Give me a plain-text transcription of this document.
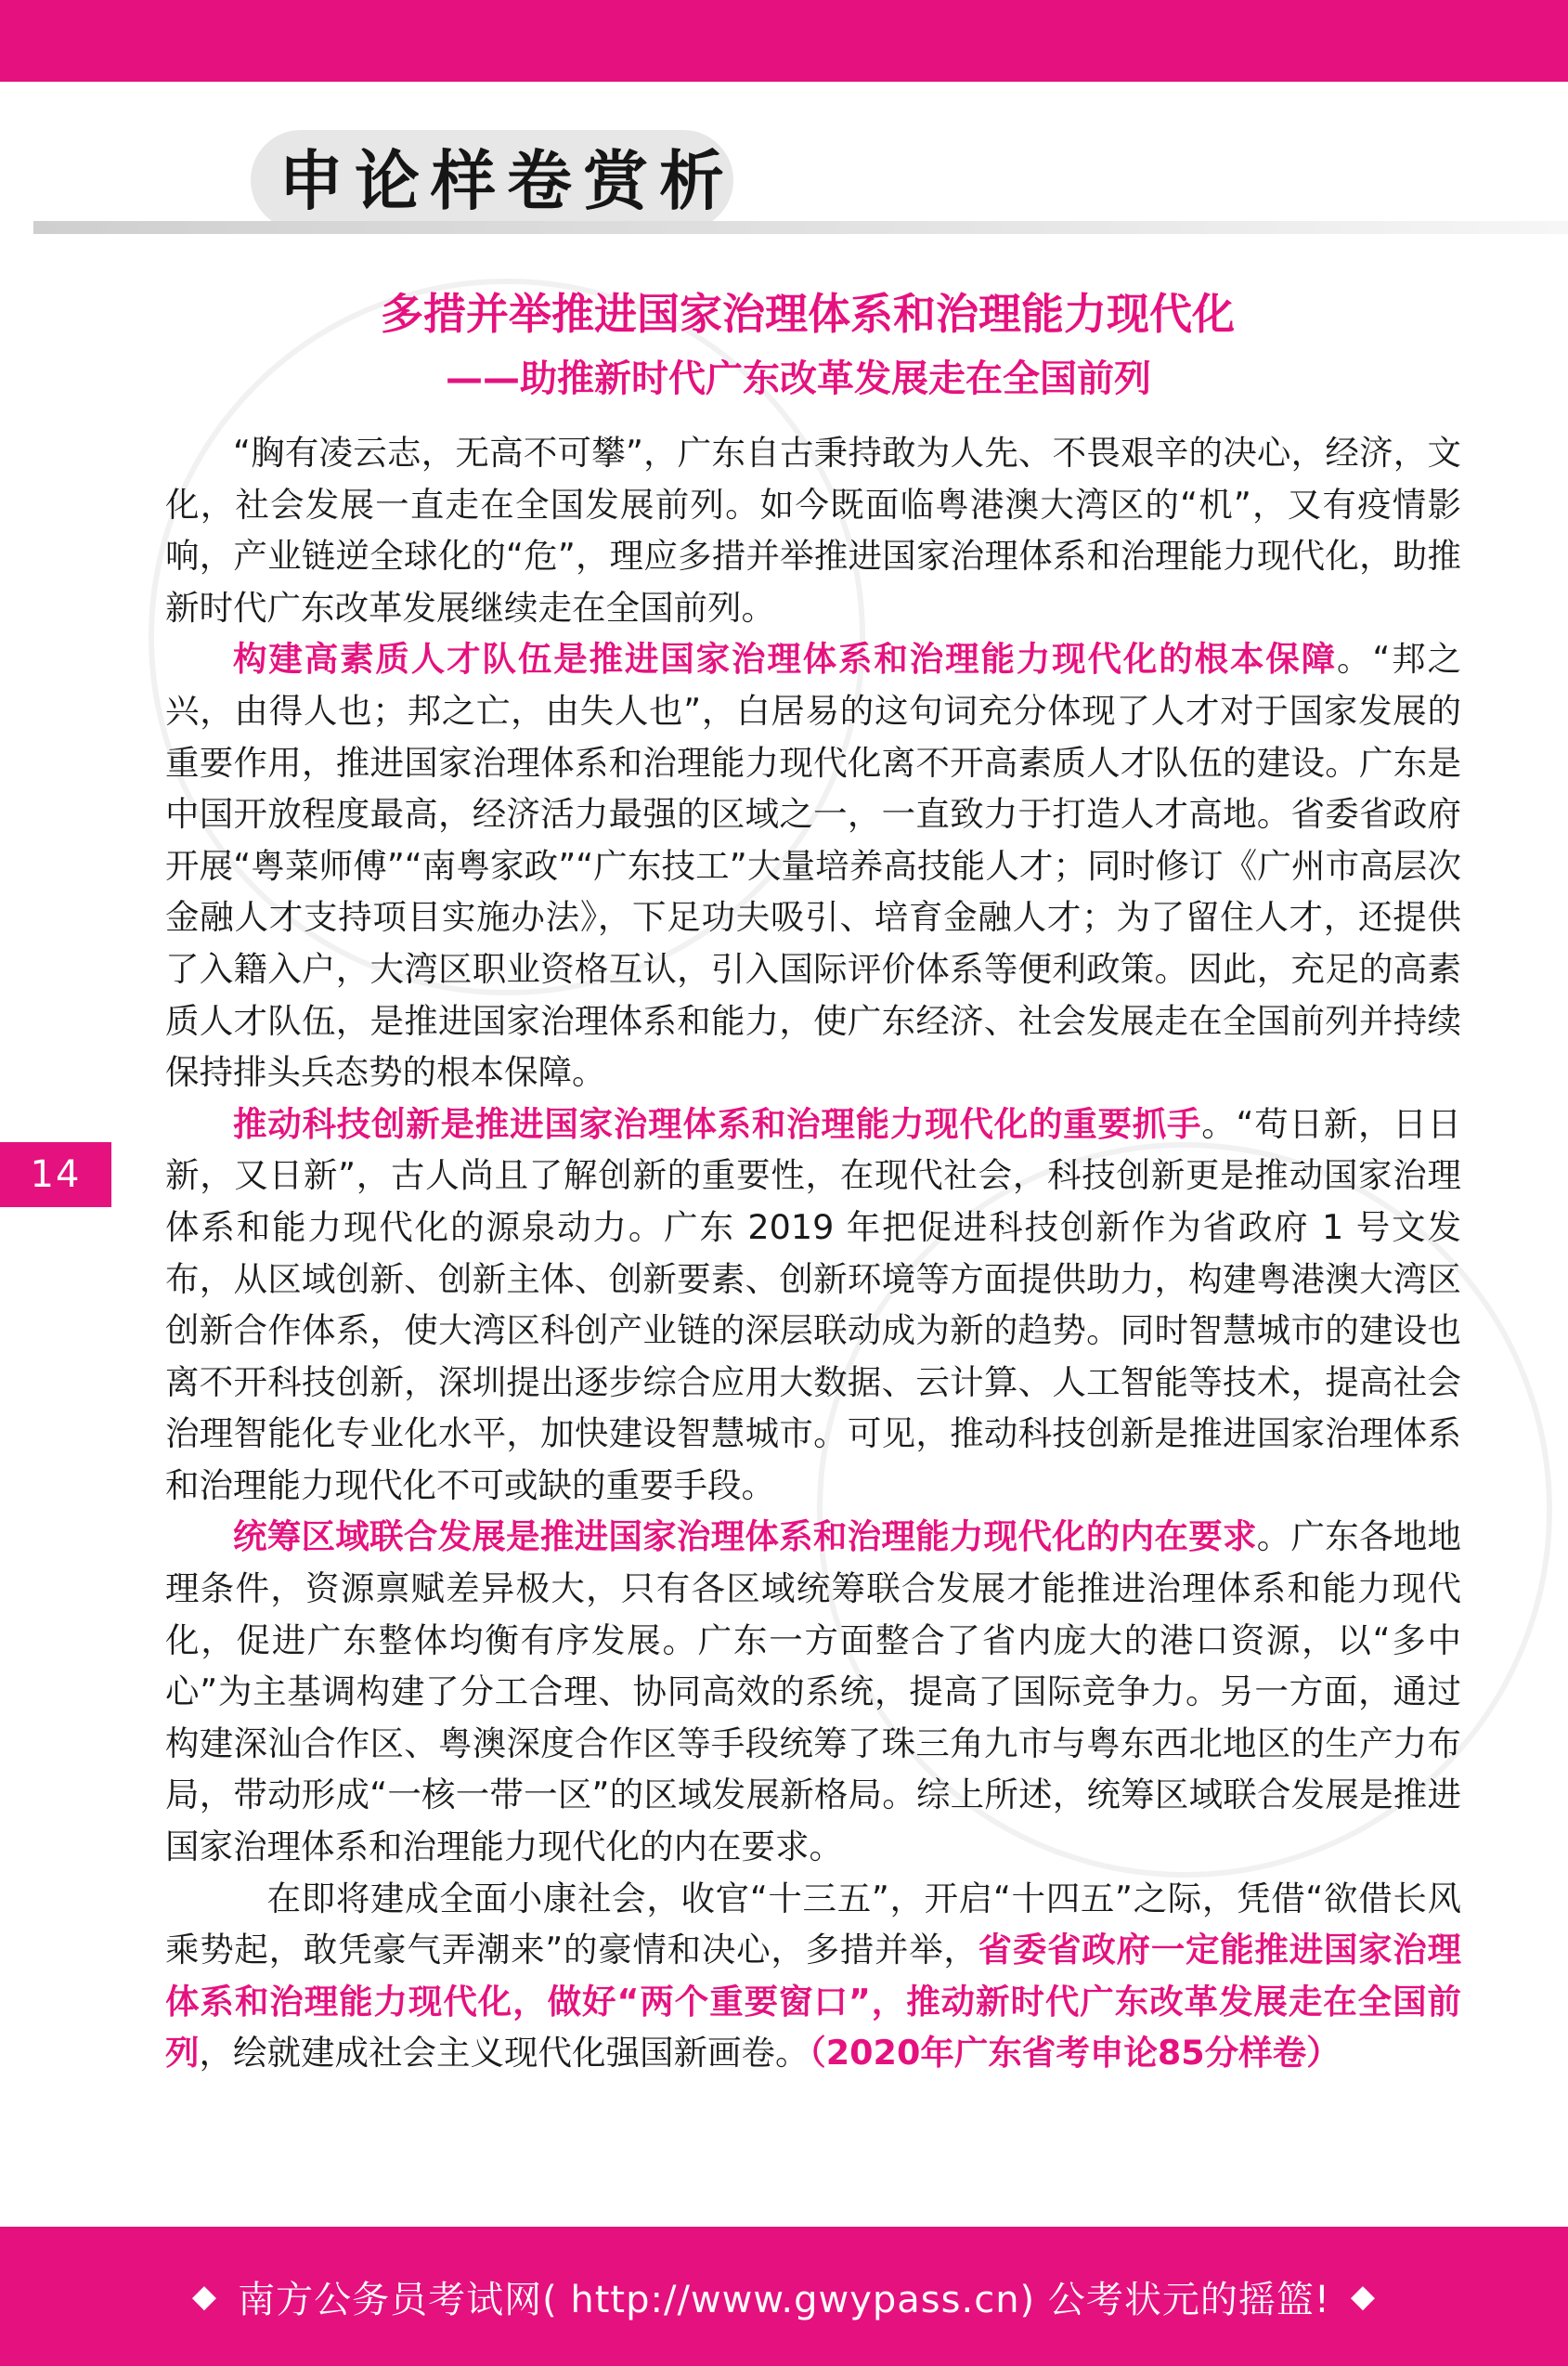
申论样卷赏析
14
多措并举推进国家治理体系和治理能力现代化
——助推新时代广东改革发展走在全国前列

“胸有凌云志，无高不可攀”，广东自古秉持敢为人先、不畏艰辛的决心，经济，文化，社会发展一直走在全国发展前列。如今既面临粤港澳大湾区的“机”，又有疫情影响，产业链逆全球化的“危”，理应多措并举推进国家治理体系和治理能力现代化，助推新时代广东改革发展继续走在全国前列。

构建高素质人才队伍是推进国家治理体系和治理能力现代化的根本保障。“邦之兴，由得人也；邦之亡，由失人也”，白居易的这句词充分体现了人才对于国家发展的重要作用，推进国家治理体系和治理能力现代化离不开高素质人才队伍的建设。广东是中国开放程度最高，经济活力最强的区域之一，一直致力于打造人才高地。省委省政府开展“粤菜师傅”“南粤家政”“广东技工”大量培养高技能人才；同时修订《广州市高层次金融人才支持项目实施办法》，下足功夫吸引、培育金融人才；为了留住人才，还提供了入籍入户，大湾区职业资格互认，引入国际评价体系等便利政策。因此，充足的高素质人才队伍，是推进国家治理体系和能力，使广东经济、社会发展走在全国前列并持续保持排头兵态势的根本保障。

推动科技创新是推进国家治理体系和治理能力现代化的重要抓手。“苟日新，日日新，又日新”，古人尚且了解创新的重要性，在现代社会，科技创新更是推动国家治理体系和能力现代化的源泉动力。广东 2019 年把促进科技创新作为省政府 1 号文发布，从区域创新、创新主体、创新要素、创新环境等方面提供助力，构建粤港澳大湾区创新合作体系，使大湾区科创产业链的深层联动成为新的趋势。同时智慧城市的建设也离不开科技创新，深圳提出逐步综合应用大数据、云计算、人工智能等技术，提高社会治理智能化专业化水平，加快建设智慧城市。可见，推动科技创新是推进国家治理体系和治理能力现代化不可或缺的重要手段。

统筹区域联合发展是推进国家治理体系和治理能力现代化的内在要求。广东各地地理条件，资源禀赋差异极大，只有各区域统筹联合发展才能推进治理体系和能力现代化，促进广东整体均衡有序发展。广东一方面整合了省内庞大的港口资源，以“多中心”为主基调构建了分工合理、协同高效的系统，提高了国际竞争力。另一方面，通过构建深汕合作区、粤澳深度合作区等手段统筹了珠三角九市与粤东西北地区的生产力布局，带动形成“一核一带一区”的区域发展新格局。综上所述，统筹区域联合发展是推进国家治理体系和治理能力现代化的内在要求。

在即将建成全面小康社会，收官“十三五”，开启“十四五”之际，凭借“欲借长风乘势起，敢凭豪气弄潮来”的豪情和决心，多措并举，省委省政府一定能推进国家治理体系和治理能力现代化，做好“两个重要窗口”，推动新时代广东改革发展走在全国前列，绘就建成社会主义现代化强国新画卷。（2020年广东省考申论85分样卷）

◆ 南方公务员考试网( http://www.gwypass.cn) 公考状元的摇篮! ◆
